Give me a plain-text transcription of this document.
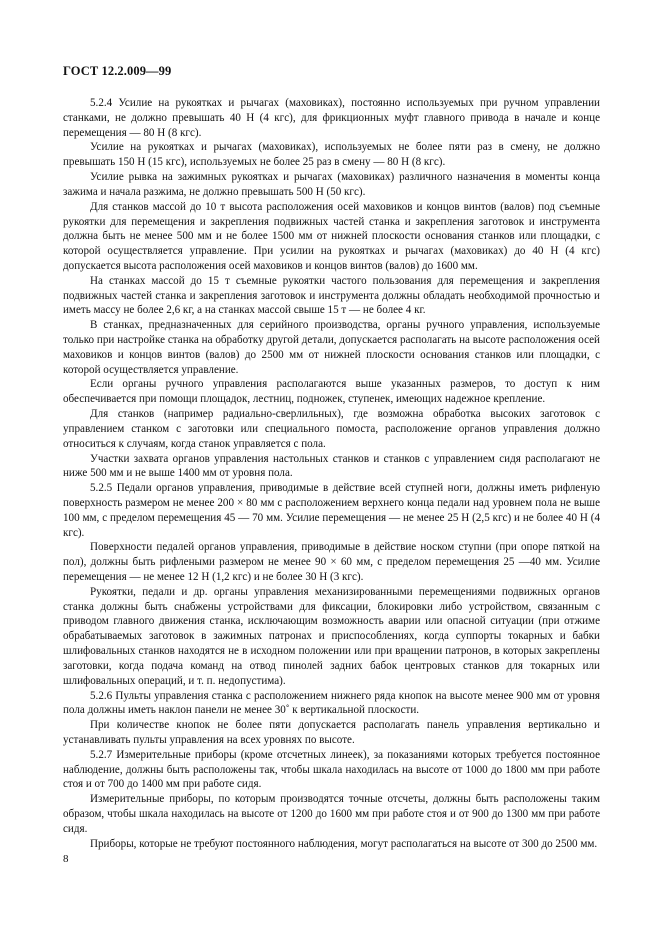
ГОСТ 12.2.009—99

5.2.4 Усилие на рукоятках и рычагах (маховиках), постоянно используемых при ручном управлении станками, не должно превышать 40 Н (4 кгс), для фрикционных муфт главного привода в начале и конце перемещения — 80 Н (8 кгс).

Усилие на рукоятках и рычагах (маховиках), используемых не более пяти раз в смену, не должно превышать 150 Н (15 кгс), используемых не более 25 раз в смену — 80 Н (8 кгс).

Усилие рывка на зажимных рукоятках и рычагах (маховиках) различного назначения в моменты конца зажима и начала разжима, не должно превышать 500 Н (50 кгс).

Для станков массой до 10 т высота расположения осей маховиков и концов винтов (валов) под съемные рукоятки для перемещения и закрепления подвижных частей станка и закрепления заготовок и инструмента должна быть не менее 500 мм и не более 1500 мм от нижней плоскости основания станков или площадки, с которой осуществляется управление. При усилии на рукоятках и рычагах (маховиках) до 40 Н (4 кгс) допускается высота расположения осей маховиков и концов винтов (валов) до 1600 мм.

На станках массой до 15 т съемные рукоятки частого пользования для перемещения и закрепления подвижных частей станка и закрепления заготовок и инструмента должны обладать необходимой прочностью и иметь массу не более 2,6 кг, а на станках массой свыше 15 т — не более 4 кг.

В станках, предназначенных для серийного производства, органы ручного управления, используемые только при настройке станка на обработку другой детали, допускается располагать на высоте расположения осей маховиков и концов винтов (валов) до 2500 мм от нижней плоскости основания станков или площадки, с которой осуществляется управление.

Если органы ручного управления располагаются выше указанных размеров, то доступ к ним обеспечивается при помощи площадок, лестниц, подножек, ступенек, имеющих надежное крепление.

Для станков (например радиально-сверлильных), где возможна обработка высоких заготовок с управлением станком с заготовки или специального помоста, расположение органов управления должно относиться к случаям, когда станок управляется с пола.

Участки захвата органов управления настольных станков и станков с управлением сидя располагают не ниже 500 мм и не выше 1400 мм от уровня пола.

5.2.5 Педали органов управления, приводимые в действие всей ступней ноги, должны иметь рифленую поверхность размером не менее 200 × 80 мм с расположением верхнего конца педали над уровнем пола не выше 100 мм, с пределом перемещения 45 — 70 мм. Усилие перемещения — не менее 25 Н (2,5 кгс) и не более 40 Н (4 кгс).

Поверхности педалей органов управления, приводимые в действие носком ступни (при опоре пяткой на пол), должны быть рифлеными размером не менее 90 × 60 мм, с пределом перемещения 25 —40 мм. Усилие перемещения — не менее 12 Н (1,2 кгс) и не более 30 Н (3 кгс).

Рукоятки, педали и др. органы управления механизированными перемещениями подвижных органов станка должны быть снабжены устройствами для фиксации, блокировки либо устройством, связанным с приводом главного движения станка, исключающим возможность аварии или опасной ситуации (при отжиме обрабатываемых заготовок в зажимных патронах и приспособлениях, когда суппорты токарных и бабки шлифовальных станков находятся не в исходном положении или при вращении патронов, в которых закреплены заготовки, когда подача команд на отвод пинолей задних бабок центровых станков для токарных или шлифовальных операций, и т. п. недопустима).

5.2.6 Пульты управления станка с расположением нижнего ряда кнопок на высоте менее 900 мм от уровня пола должны иметь наклон панели не менее 30˚ к вертикальной плоскости.

При количестве кнопок не более пяти допускается располагать панель управления вертикально и устанавливать пульты управления на всех уровнях по высоте.

5.2.7 Измерительные приборы (кроме отсчетных линеек), за показаниями которых требуется постоянное наблюдение, должны быть расположены так, чтобы шкала находилась на высоте от 1000 до 1800 мм при работе стоя и от 700 до 1400 мм при работе сидя.

Измерительные приборы, по которым производятся точные отсчеты, должны быть расположены таким образом, чтобы шкала находилась на высоте от 1200 до 1600 мм при работе стоя и от 900 до 1300 мм при работе сидя.

Приборы, которые не требуют постоянного наблюдения, могут располагаться на высоте от 300 до 2500 мм.

8
